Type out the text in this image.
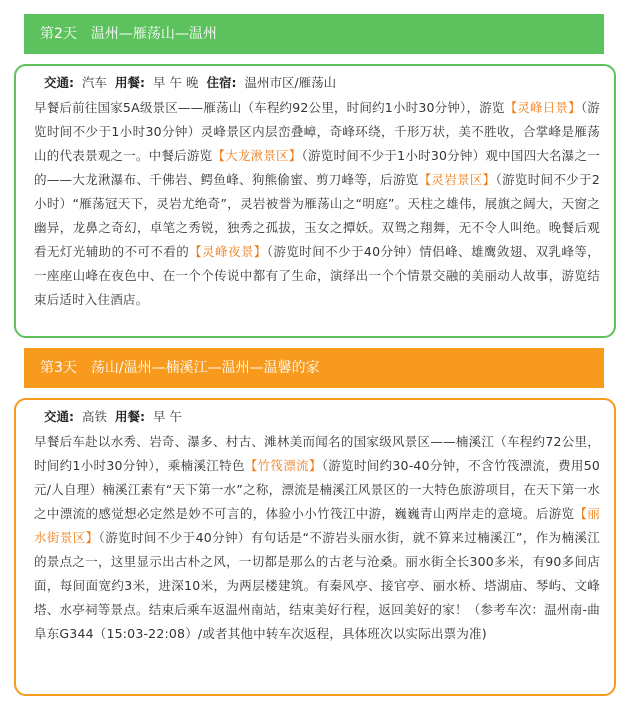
第2天 温州—雁荡山—温州
交通: 汽车 用餐: 早 午 晚 住宿: 温州市区/雁荡山
早餐后前往国家5A级景区——雁荡山（车程约92公里，时间约1小时30分钟），游览【灵峰日景】（游览时间不少于1小时30分钟）灵峰景区内层峦叠嶂，奇峰环绕，千形万状，美不胜收，合掌峰是雁荡山的代表景观之一。中餐后游览【大龙湫景区】（游览时间不少于1小时30分钟）观中国四大名瀑之一的——大龙湫瀑布、千佛岩、鳄鱼峰、狗熊偷蜜、剪刀峰等，后游览【灵岩景区】（游览时间不少于2小时）“雁荡冠天下，灵岩尤绝奇”，灵岩被誉为雁荡山之“明庭”。天柱之雄伟，展旗之阔大，天窗之幽异，龙鼻之奇幻，卓笔之秀锐，独秀之孤拔，玉女之撢妖。双鸳之翔舞，无不令人叫绝。晚餐后观看无灯光辅助的不可不看的【灵峰夜景】（游览时间不少于40分钟）情侣峰、雄鹰敛翅、双乳峰等，一座座山峰在夜色中、在一个个传说中都有了生命，演绎出一个个情景交融的美丽动人故事，游览结束后适时入住酒店。
第3天 荡山/温州—楠溪江—温州—温馨的家
交通: 高铁 用餐: 早 午
早餐后车赴以水秀、岩奇、瀑多、村古、滩林美而闻名的国家级风景区——楠溪江（车程约72公里，时间约1小时30分钟），乘楠溪江特色【竹筏漂流】（游览时间约30-40分钟，不含竹筏漂流，费用50元/人自理）楠溪江素有“天下第一水”之称，漂流是楠溪江风景区的一大特色旅游项目，在天下第一水之中漂流的感觉想必定然是妙不可言的，体验小小竹筏江中游，巍巍青山两岸走的意境。后游览【丽水街景区】（游览时间不少于40分钟）有句话是“不游岩头丽水街，就不算来过楠溪江”，作为楠溪江的景点之一，这里显示出古朴之风，一切都是那么的古老与沧桑。丽水街全长300多米，有90多间店面，每间面宽约3米，进深10米，为两层楼建筑。有秦风亭、接官亭、丽水桥、塔湖庙、琴屿、文峰塔、水亭祠等景点。结束后乘车返温州南站，结束美好行程，返回美好的家！（参考车次：温州南-曲阜东G344（15:03-22:08）/或者其他中转车次返程，具体班次以实际出票为准)
